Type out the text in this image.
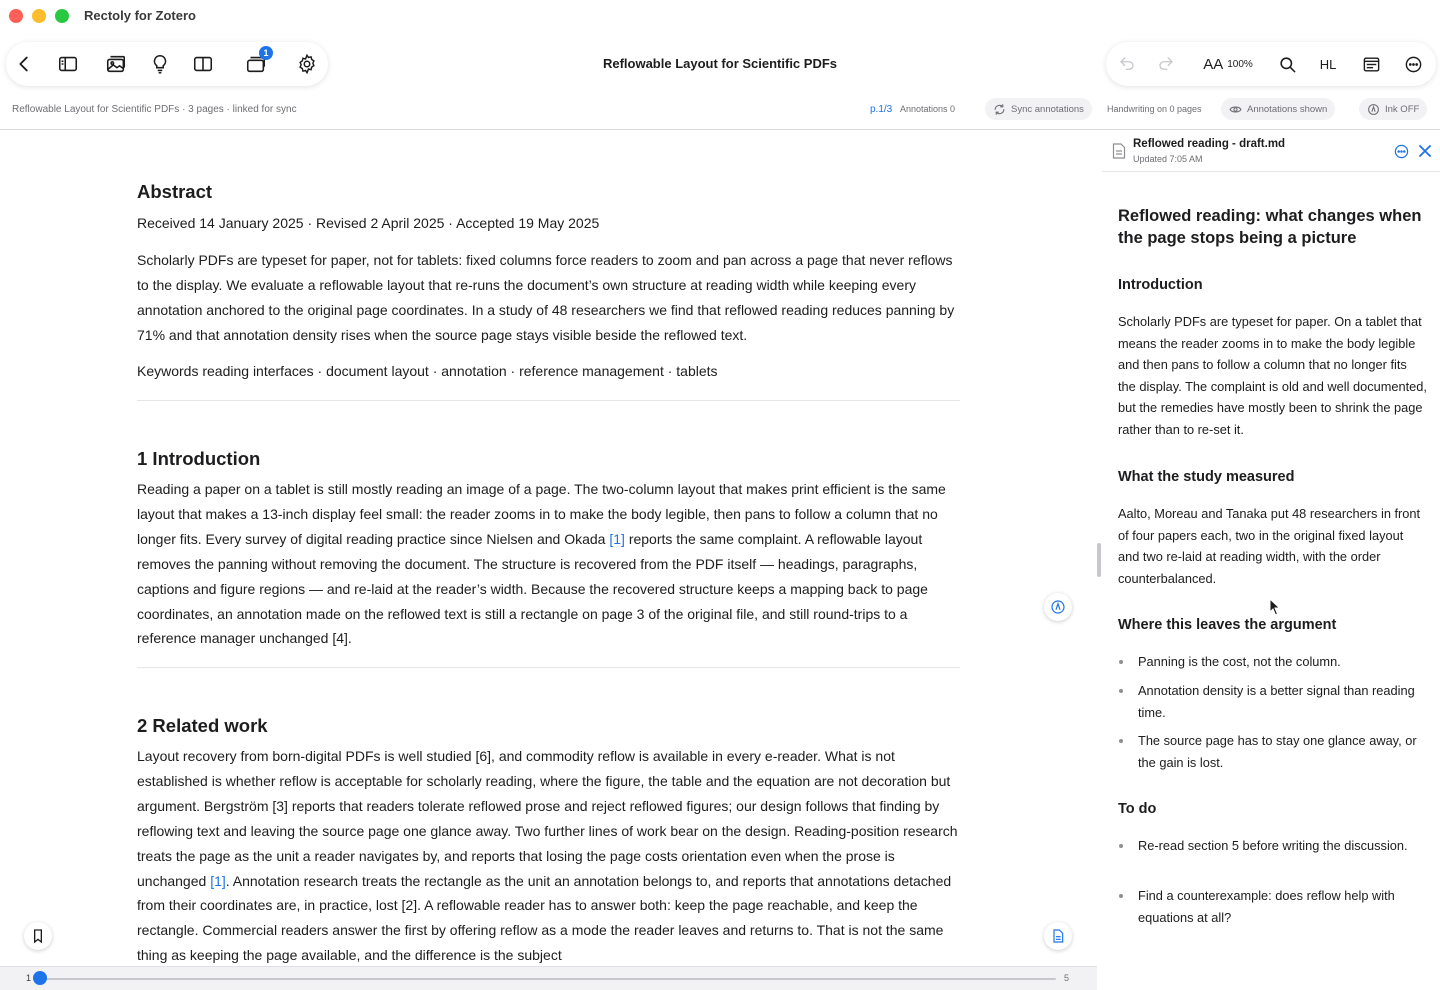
Rectoly for Zotero
1
Reflowable Layout for Scientific PDFs	AA 100%	HL
Reflowable Layout for Scientific PDFs · 3 pages · linked for sync	p.1/3 Annotations 0	Sync annotations	Handwriting on 0 pages	Annotations shown	Ink OFF
Abstract
Received 14 January 2025 · Revised 2 April 2025 · Accepted 19 May 2025
Scholarly PDFs are typeset for paper, not for tablets: fixed columns force readers to zoom and pan across a page that never reflows to the display. We evaluate a reflowable layout that re-runs the document’s own structure at reading width while keeping every annotation anchored to the original page coordinates. In a study of 48 researchers we find that reflowed reading reduces panning by 71% and that annotation density rises when the source page stays visible beside the reflowed text.
Keywords reading interfaces · document layout · annotation · reference management · tablets
1 Introduction
Reading a paper on a tablet is still mostly reading an image of a page. The two-column layout that makes print efficient is the same layout that makes a 13-inch display feel small: the reader zooms in to make the body legible, then pans to follow a column that no longer fits. Every survey of digital reading practice since Nielsen and Okada [1] reports the same complaint. A reflowable layout removes the panning without removing the document. The structure is recovered from the PDF itself — headings, paragraphs, captions and figure regions — and re-laid at the reader’s width. Because the recovered structure keeps a mapping back to page coordinates, an annotation made on the reflowed text is still a rectangle on page 3 of the original file, and still round-trips to a reference manager unchanged [4].
2 Related work
Layout recovery from born-digital PDFs is well studied [6], and commodity reflow is available in every e-reader. What is not established is whether reflow is acceptable for scholarly reading, where the figure, the table and the equation are not decoration but argument. Bergström [3] reports that readers tolerate reflowed prose and reject reflowed figures; our design follows that finding by reflowing text and leaving the source page one glance away. Two further lines of work bear on the design. Reading-position research treats the page as the unit a reader navigates by, and reports that losing the page costs orientation even when the prose is unchanged [1]. Annotation research treats the rectangle as the unit an annotation belongs to, and reports that annotations detached from their coordinates are, in practice, lost [2]. A reflowable reader has to answer both: keep the page reachable, and keep the rectangle. Commercial readers answer the first by offering reflow as a mode the reader leaves and returns to. That is not the same thing as keeping the page available, and the difference is the subject
1	5
Reflowed reading - draft.md
Updated 7:05 AM
Reflowed reading: what changes when the page stops being a picture
Introduction
Scholarly PDFs are typeset for paper. On a tablet that means the reader zooms in to make the body legible and then pans to follow a column that no longer fits the display. The complaint is old and well documented, but the remedies have mostly been to shrink the page rather than to re-set it.
What the study measured
Aalto, Moreau and Tanaka put 48 researchers in front of four papers each, two in the original fixed layout and two re-laid at reading width, with the order counterbalanced.
Where this leaves the argument
Panning is the cost, not the column.
Annotation density is a better signal than reading time.
The source page has to stay one glance away, or the gain is lost.
To do
Re-read section 5 before writing the discussion.
Find a counterexample: does reflow help with equations at all?
